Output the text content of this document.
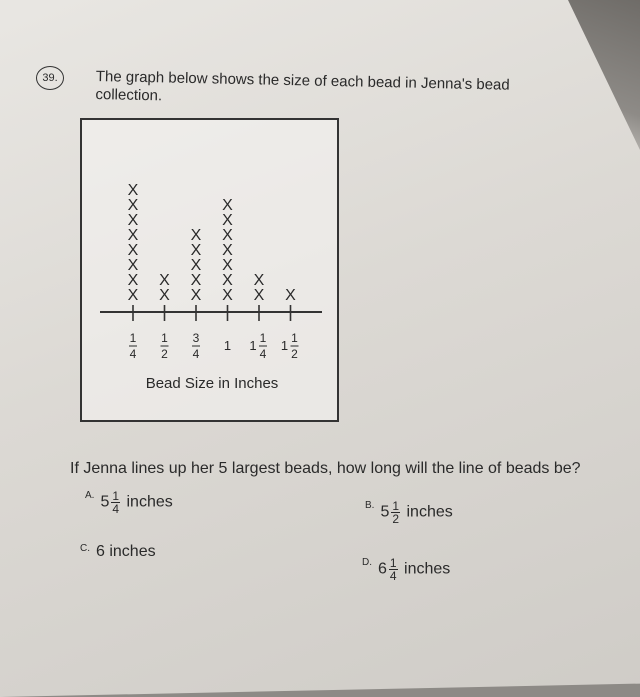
39.	The graph below shows the size of each bead in Jenna's bead collection.
X
X
X
X
X
X
X
X
1
4
X
X
1
2
X
X
X
X
X
3
4
X
X
X
X
X
X
X
1
X
X
1 1
4
X
1 1
2
Bead Size in Inches
If Jenna lines up her 5 largest beads, how long will the line of beads be?
$^{A.}$ $5 \frac{1}{4}$ inches	$^{B.}$ $5 \frac{1}{2}$ inches
$^{C.}$ 6 inches
$^{D.}$ $6 \frac{1}{4}$ inches
